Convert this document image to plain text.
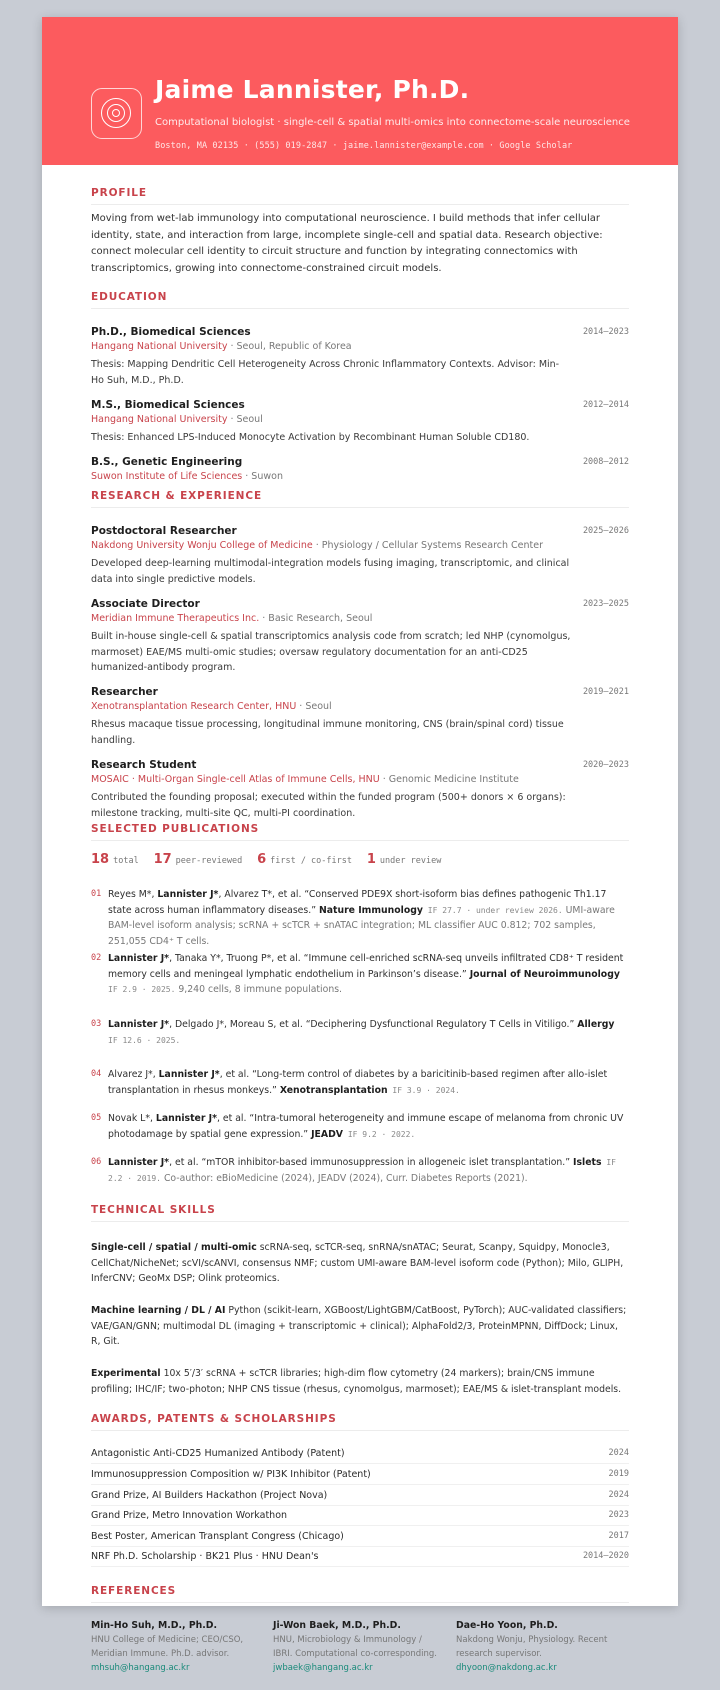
Jaime Lannister, Ph.D.
Computational biologist · single-cell & spatial multi-omics into connectome-scale neuroscience
Boston, MA 02135 · (555) 019-2847 · jaime.lannister@example.com · Google Scholar
PROFILE
Moving from wet-lab immunology into computational neuroscience. I build methods that infer cellular identity, state, and interaction from large, incomplete single-cell and spatial data. Research objective: connect molecular cell identity to circuit structure and function by integrating connectomics with transcriptomics, growing into connectome-constrained circuit models.
EDUCATION
Ph.D., Biomedical Sciences	2014–2023
Hangang National University · Seoul, Republic of Korea
Thesis: Mapping Dendritic Cell Heterogeneity Across Chronic Inflammatory Contexts. Advisor: Min-Ho Suh, M.D., Ph.D.
M.S., Biomedical Sciences	2012–2014
Hangang National University · Seoul
Thesis: Enhanced LPS-Induced Monocyte Activation by Recombinant Human Soluble CD180.
B.S., Genetic Engineering	2008–2012
Suwon Institute of Life Sciences · Suwon
RESEARCH & EXPERIENCE
Postdoctoral Researcher	2025–2026
Nakdong University Wonju College of Medicine · Physiology / Cellular Systems Research Center
Developed deep-learning multimodal-integration models fusing imaging, transcriptomic, and clinical data into single predictive models.
Associate Director	2023–2025
Meridian Immune Therapeutics Inc. · Basic Research, Seoul
Built in-house single-cell & spatial transcriptomics analysis code from scratch; led NHP (cynomolgus, marmoset) EAE/MS multi-omic studies; oversaw regulatory documentation for an anti-CD25 humanized-antibody program.
Researcher	2019–2021
Xenotransplantation Research Center, HNU · Seoul
Rhesus macaque tissue processing, longitudinal immune monitoring, CNS (brain/spinal cord) tissue handling.
Research Student	2020–2023
MOSAIC · Multi-Organ Single-cell Atlas of Immune Cells, HNU · Genomic Medicine Institute
Contributed the founding proposal; executed within the funded program (500+ donors × 6 organs): milestone tracking, multi-site QC, multi-PI coordination.
SELECTED PUBLICATIONS
18 total 17 peer-reviewed 6 first / co-first 1 under review
01 Reyes M*, Lannister J*, Alvarez T*, et al. “Conserved PDE9X short-isoform bias defines pathogenic Th1.17 state across human inflammatory diseases.” Nature Immunology IF 27.7 · under review 2026. UMI-aware BAM-level isoform analysis; scRNA + scTCR + snATAC integration; ML classifier AUC 0.812; 702 samples, 251,055 CD4⁺ T cells.
02 Lannister J*, Tanaka Y*, Truong P*, et al. “Immune cell-enriched scRNA-seq unveils infiltrated CD8⁺ T resident memory cells and meningeal lymphatic endothelium in Parkinson’s disease.” Journal of Neuroimmunology IF 2.9 · 2025. 9,240 cells, 8 immune populations.
03 Lannister J*, Delgado J*, Moreau S, et al. “Deciphering Dysfunctional Regulatory T Cells in Vitiligo.” Allergy IF 12.6 · 2025.
04 Alvarez J*, Lannister J*, et al. “Long-term control of diabetes by a baricitinib-based regimen after allo-islet transplantation in rhesus monkeys.” Xenotransplantation IF 3.9 · 2024.
05 Novak L*, Lannister J*, et al. “Intra-tumoral heterogeneity and immune escape of melanoma from chronic UV photodamage by spatial gene expression.” JEADV IF 9.2 · 2022.
06 Lannister J*, et al. “mTOR inhibitor-based immunosuppression in allogeneic islet transplantation.” Islets IF 2.2 · 2019. Co-author: eBioMedicine (2024), JEADV (2024), Curr. Diabetes Reports (2021).
TECHNICAL SKILLS
Single-cell / spatial / multi-omic scRNA-seq, scTCR-seq, snRNA/snATAC; Seurat, Scanpy, Squidpy, Monocle3, CellChat/NicheNet; scVI/scANVI, consensus NMF; custom UMI-aware BAM-level isoform code (Python); Milo, GLIPH, InferCNV; GeoMx DSP; Olink proteomics.
Machine learning / DL / AI Python (scikit-learn, XGBoost/LightGBM/CatBoost, PyTorch); AUC-validated classifiers; VAE/GAN/GNN; multimodal DL (imaging + transcriptomic + clinical); AlphaFold2/3, ProteinMPNN, DiffDock; Linux, R, Git.
Experimental 10x 5′/3′ scRNA + scTCR libraries; high-dim flow cytometry (24 markers); brain/CNS immune profiling; IHC/IF; two-photon; NHP CNS tissue (rhesus, cynomolgus, marmoset); EAE/MS & islet-transplant models.
AWARDS, PATENTS & SCHOLARSHIPS
Antagonistic Anti-CD25 Humanized Antibody (Patent)	2024
Immunosuppression Composition w/ PI3K Inhibitor (Patent)	2019
Grand Prize, AI Builders Hackathon (Project Nova)	2024
Grand Prize, Metro Innovation Workathon	2023
Best Poster, American Transplant Congress (Chicago)	2017
NRF Ph.D. Scholarship · BK21 Plus · HNU Dean's	2014–2020
REFERENCES
Min-Ho Suh, M.D., Ph.D.
HNU College of Medicine; CEO/CSO, Meridian Immune. Ph.D. advisor.
mhsuh@hangang.ac.kr
Ji-Won Baek, M.D., Ph.D.
HNU, Microbiology & Immunology / IBRI. Computational co-corresponding.
jwbaek@hangang.ac.kr
Dae-Ho Yoon, Ph.D.
Nakdong Wonju, Physiology. Recent research supervisor.
dhyoon@nakdong.ac.kr
